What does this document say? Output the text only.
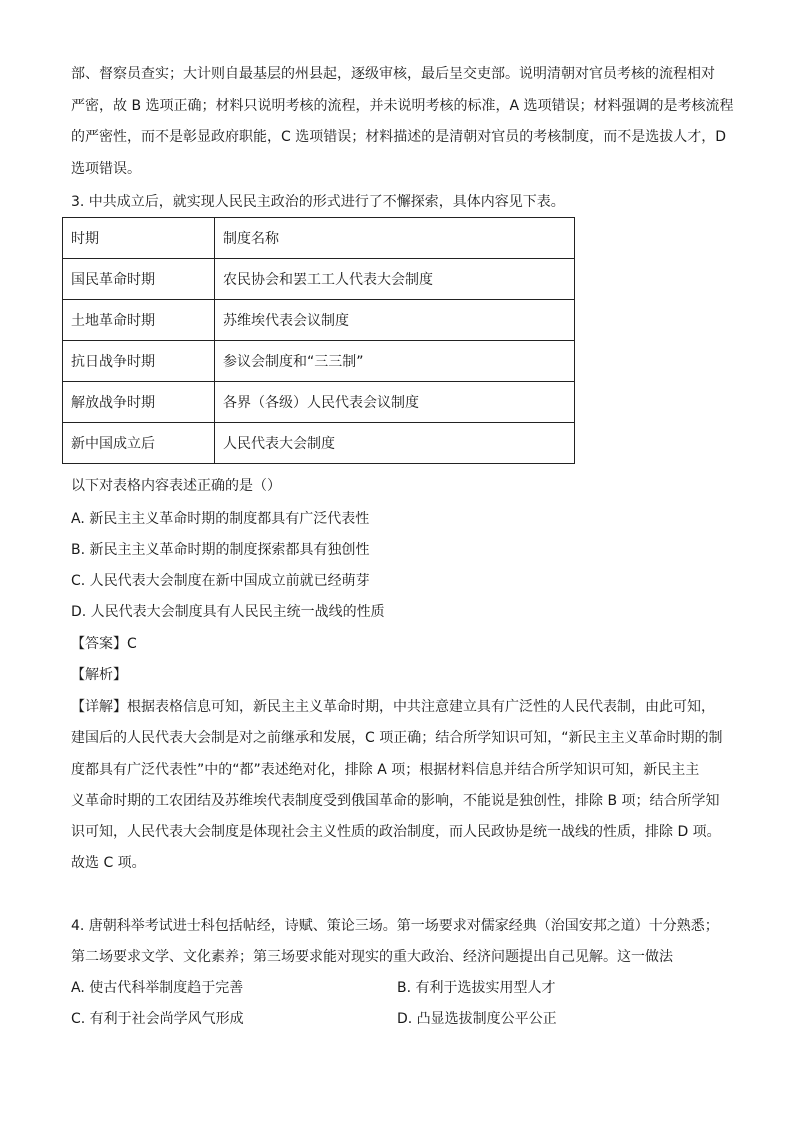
部、督察员查实；大计则自最基层的州县起，逐级审核，最后呈交吏部。说明清朝对官员考核的流程相对
严密，故 B 选项正确；材料只说明考核的流程，并未说明考核的标准，A 选项错误；材料强调的是考核流程
的严密性，而不是彰显政府职能，C 选项错误；材料描述的是清朝对官员的考核制度，而不是选拔人才，D
选项错误。
3. 中共成立后，就实现人民民主政治的形式进行了不懈探索，具体内容见下表。
时期	制度名称
国民革命时期	农民协会和罢工工人代表大会制度
土地革命时期	苏维埃代表会议制度
抗日战争时期	参议会制度和“三三制”
解放战争时期	各界（各级）人民代表会议制度
新中国成立后	人民代表大会制度
以下对表格内容表述正确的是（）
A. 新民主主义革命时期的制度都具有广泛代表性
B. 新民主主义革命时期的制度探索都具有独创性
C. 人民代表大会制度在新中国成立前就已经萌芽
D. 人民代表大会制度具有人民民主统一战线的性质
【答案】C
【解析】
【详解】根据表格信息可知，新民主主义革命时期，中共注意建立具有广泛性的人民代表制，由此可知，
建国后的人民代表大会制是对之前继承和发展，C 项正确；结合所学知识可知，“新民主主义革命时期的制
度都具有广泛代表性”中的“都”表述绝对化，排除 A 项；根据材料信息并结合所学知识可知，新民主主
义革命时期的工农团结及苏维埃代表制度受到俄国革命的影响，不能说是独创性，排除 B 项；结合所学知
识可知，人民代表大会制度是体现社会主义性质的政治制度，而人民政协是统一战线的性质，排除 D 项。
故选 C 项。
4. 唐朝科举考试进士科包括帖经，诗赋、策论三场。第一场要求对儒家经典（治国安邦之道）十分熟悉；
第二场要求文学、文化素养；第三场要求能对现实的重大政治、经济问题提出自己见解。这一做法
A. 使古代科举制度趋于完善	B. 有利于选拔实用型人才
C. 有利于社会尚学风气形成	D. 凸显选拔制度公平公正
